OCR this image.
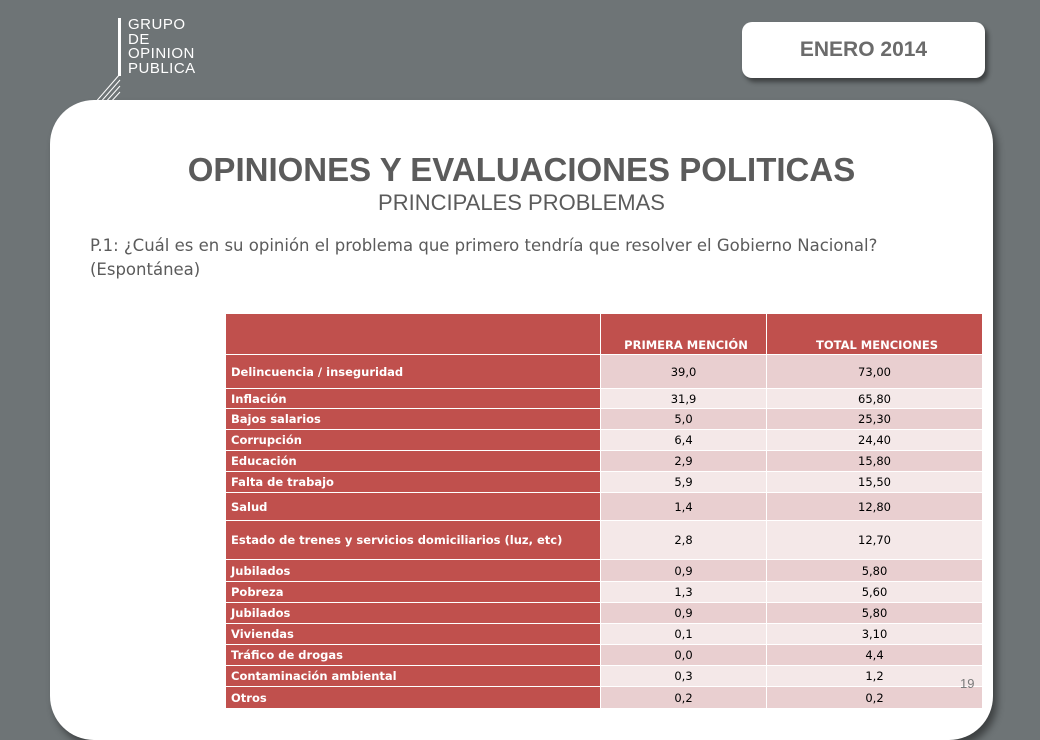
GRUPO
DE
OPINION
PUBLICA
ENERO 2014
OPINIONES Y EVALUACIONES POLITICAS
PRINCIPALES PROBLEMAS
P.1: ¿Cuál es en su opinión el problema que primero tendría que resolver el Gobierno Nacional? (Espontánea)
	PRIMERA MENCIÓN	TOTAL MENCIONES
Delincuencia / inseguridad	39,0	73,00
Inflación	31,9	65,80
Bajos salarios	5,0	25,30
Corrupción	6,4	24,40
Educación	2,9	15,80
Falta de trabajo	5,9	15,50
Salud	1,4	12,80
Estado de trenes y servicios domiciliarios (luz, etc)	2,8	12,70
Jubilados	0,9	5,80
Pobreza	1,3	5,60
Jubilados	0,9	5,80
Viviendas	0,1	3,10
Tráfico de drogas	0,0	4,4
Contaminación ambiental	0,3	1,2
Otros	0,2	0,2
19
